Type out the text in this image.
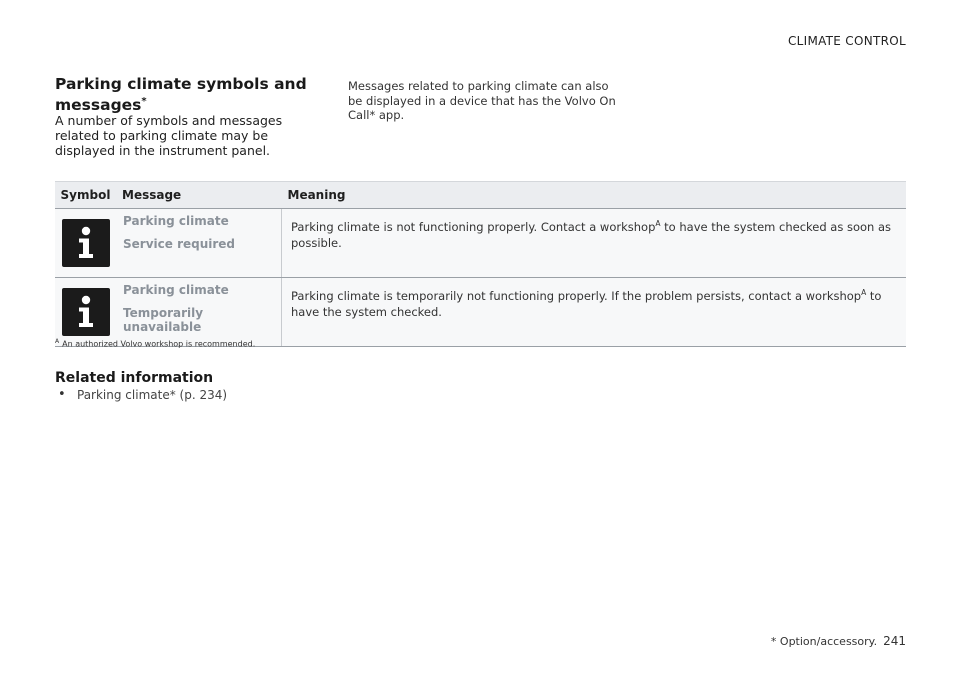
CLIMATE CONTROL
Parking climate symbols and messages*

A number of symbols and messages related to parking climate may be displayed in the instrument panel.

Messages related to parking climate can also be displayed in a device that has the Volvo On Call* app.

Symbol	Message	Meaning

Parking climate
Service required	Parking climate is not functioning properly. Contact a workshop$^A$ to have the system checked as soon as possible.

Parking climate
Temporarily unavailable	Parking climate is temporarily not functioning properly. If the problem persists, contact a workshop$^A$ to have the system checked.
$^A$ An authorized Volvo workshop is recommended.
Related information
• Parking climate* (p. 234)
* Option/accessory. 241
